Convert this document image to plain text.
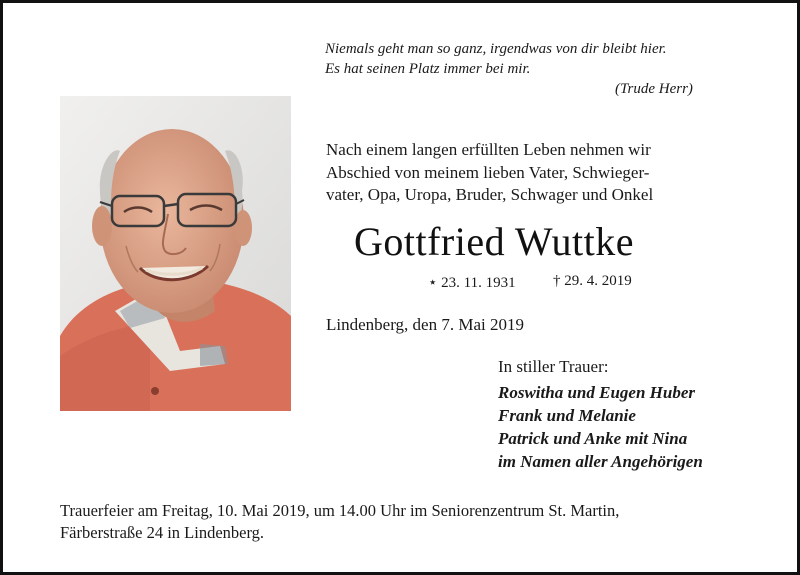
Niemals geht man so ganz, irgendwas von dir bleibt hier.
Es hat seinen Platz immer bei mir.
(Trude Herr)
Nach einem langen erfüllten Leben nehmen wir
Abschied von meinem lieben Vater, Schwieger-
vater, Opa, Uropa, Bruder, Schwager und Onkel
Gottfried Wuttke
⋆ 23. 11. 1931 † 29. 4. 2019
Lindenberg, den 7. Mai 2019
In stiller Trauer:
Roswitha und Eugen Huber
Frank und Melanie
Patrick und Anke mit Nina
im Namen aller Angehörigen
Trauerfeier am Freitag, 10. Mai 2019, um 14.00 Uhr im Seniorenzentrum St. Martin,
Färberstraße 24 in Lindenberg.
